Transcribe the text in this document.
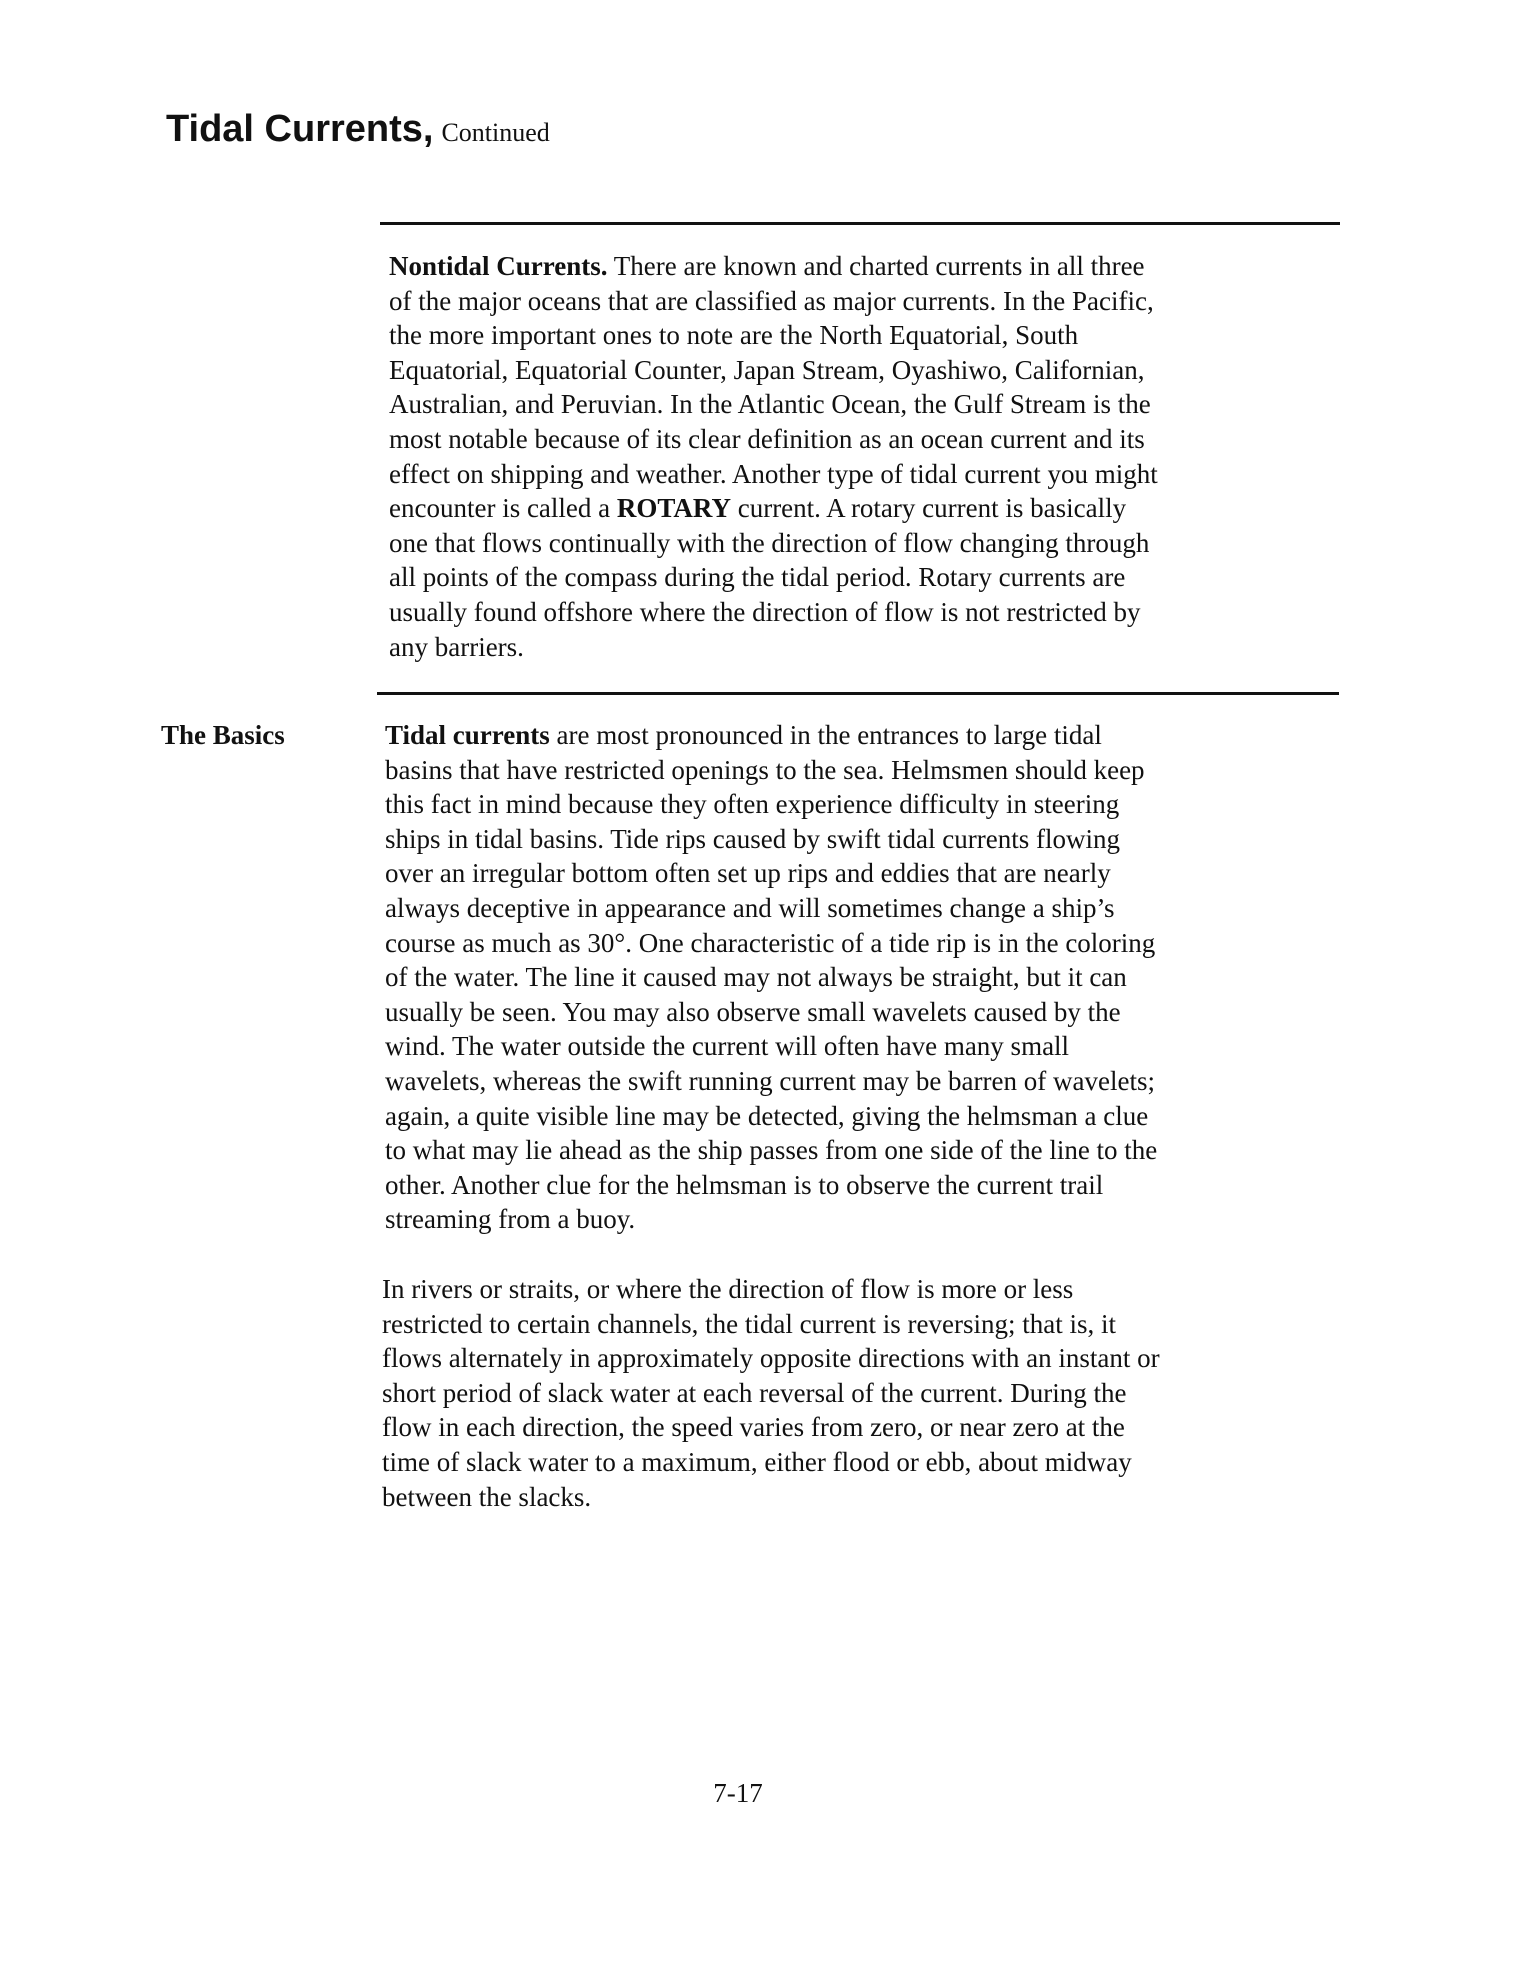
Tidal Currents, Continued
Nontidal Currents. There are known and charted currents in all three
of the major oceans that are classified as major currents. In the Pacific,
the more important ones to note are the North Equatorial, South
Equatorial, Equatorial Counter, Japan Stream, Oyashiwo, Californian,
Australian, and Peruvian. In the Atlantic Ocean, the Gulf Stream is the
most notable because of its clear definition as an ocean current and its
effect on shipping and weather. Another type of tidal current you might
encounter is called a ROTARY current. A rotary current is basically
one that flows continually with the direction of flow changing through
all points of the compass during the tidal period. Rotary currents are
usually found offshore where the direction of flow is not restricted by
any barriers.
The Basics	Tidal currents are most pronounced in the entrances to large tidal
basins that have restricted openings to the sea. Helmsmen should keep
this fact in mind because they often experience difficulty in steering
ships in tidal basins. Tide rips caused by swift tidal currents flowing
over an irregular bottom often set up rips and eddies that are nearly
always deceptive in appearance and will sometimes change a ship’s
course as much as 30°. One characteristic of a tide rip is in the coloring
of the water. The line it caused may not always be straight, but it can
usually be seen. You may also observe small wavelets caused by the
wind. The water outside the current will often have many small
wavelets, whereas the swift running current may be barren of wavelets;
again, a quite visible line may be detected, giving the helmsman a clue
to what may lie ahead as the ship passes from one side of the line to the
other. Another clue for the helmsman is to observe the current trail
streaming from a buoy.
In rivers or straits, or where the direction of flow is more or less
restricted to certain channels, the tidal current is reversing; that is, it
flows alternately in approximately opposite directions with an instant or
short period of slack water at each reversal of the current. During the
flow in each direction, the speed varies from zero, or near zero at the
time of slack water to a maximum, either flood or ebb, about midway
between the slacks.
7-17
